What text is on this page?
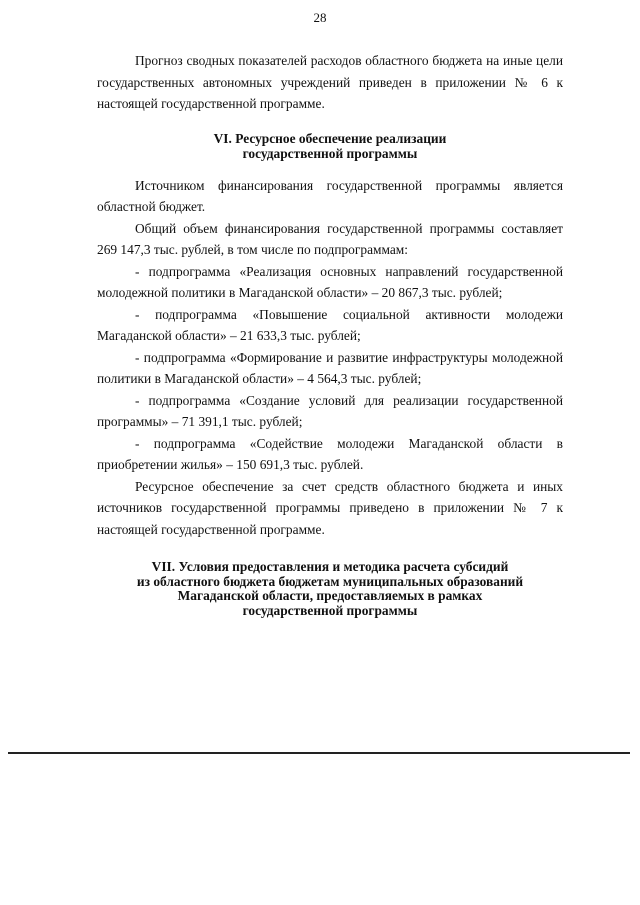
28

Прогноз сводных показателей расходов областного бюджета на иные цели государственных автономных учреждений приведен в приложении № 6 к настоящей государственной программе.

VI. Ресурсное обеспечение реализации
государственной программы

Источником финансирования государственной программы является областной бюджет.

Общий объем финансирования государственной программы составляет 269 147,3 тыс. рублей, в том числе по подпрограммам:

- подпрограмма «Реализация основных направлений государственной молодежной политики в Магаданской области» – 20 867,3 тыс. рублей;

- подпрограмма «Повышение социальной активности молодежи Магаданской области» – 21 633,3 тыс. рублей;

- подпрограмма «Формирование и развитие инфраструктуры молодежной политики в Магаданской области» – 4 564,3 тыс. рублей;

- подпрограмма «Создание условий для реализации государственной программы» – 71 391,1 тыс. рублей;

- подпрограмма «Содействие молодежи Магаданской области в приобретении жилья» – 150 691,3 тыс. рублей.

Ресурсное обеспечение за счет средств областного бюджета и иных источников государственной программы приведено в приложении № 7 к настоящей государственной программе.

VII. Условия предоставления и методика расчета субсидий
из областного бюджета бюджетам муниципальных образований
Магаданской области, предоставляемых в рамках
государственной программы
